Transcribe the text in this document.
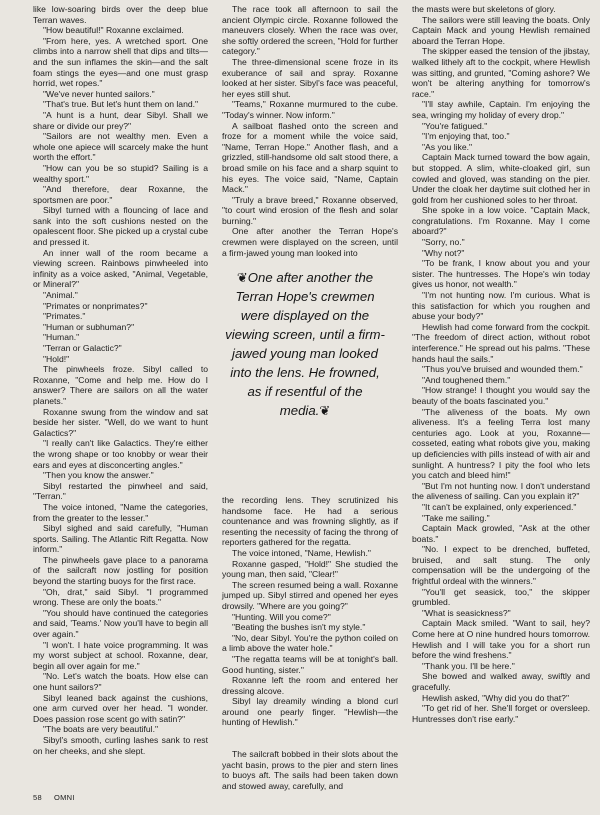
like low-soaring birds over the deep blue Terran waves.

"How beautiful!" Roxanne exclaimed.

"From here, yes. A wretched sport. One climbs into a narrow shell that dips and tilts—and the sun inflames the skin—and the salt foam stings the eyes—and one must grasp horrid, wet ropes."

"We've never hunted sailors."

"That's true. But let's hunt them on land."

"A hunt is a hunt, dear Sibyl. Shall we share or divide our prey?"

"Sailors are not wealthy men. Even a whole one apiece will scarcely make the hunt worth the effort."

"How can you be so stupid? Sailing is a wealthy sport."

"And therefore, dear Roxanne, the sportsmen are poor."

Sibyl turned with a flouncing of lace and sank into the soft cushions nested on the opalescent floor. She picked up a crystal cube and pressed it.

An inner wall of the room became a viewing screen. Rainbows pinwheeled into infinity as a voice asked, "Animal, Vegetable, or Mineral?"

"Animal."

"Primates or nonprimates?"

"Primates."

"Human or subhuman?"

"Human."

"Terran or Galactic?"

"Hold!"

The pinwheels froze. Sibyl called to Roxanne, "Come and help me. How do I answer? There are sailors on all the water planets."

Roxanne swung from the window and sat beside her sister. "Well, do we want to hunt Galactics?"

"I really can't like Galactics. They're either the wrong shape or too knobby or wear their ears and eyes at disconcerting angles."

"Then you know the answer."

Sibyl restarted the pinwheel and said, "Terran."

The voice intoned, "Name the categories, from the greater to the lesser."

Sibyl sighed and said carefully, "Human sports. Sailing. The Atlantic Rift Regatta. Now inform."

The pinwheels gave place to a panorama of the sailcraft now jostling for position beyond the starting buoys for the first race.

"Oh, drat," said Sibyl. "I programmed wrong. These are only the boats."

"You should have continued the categories and said, 'Teams.' Now you'll have to begin all over again."

"I won't. I hate voice programming. It was my worst subject at school. Roxanne, dear, begin all over again for me."

"No. Let's watch the boats. How else can one hunt sailors?"

Sibyl leaned back against the cushions, one arm curved over her head. "I wonder. Does passion rose scent go with satin?"

"The boats are very beautiful."

Sibyl's smooth, curling lashes sank to rest on her cheeks, and she slept.

The race took all afternoon to sail the ancient Olympic circle. Roxanne followed the maneuvers closely. When the race was over, she softly ordered the screen, "Hold for further category."

The three-dimensional scene froze in its exuberance of sail and spray. Roxanne looked at her sister. Sibyl's face was peaceful, her eyes still shut.

"Teams," Roxanne murmured to the cube. "Today's winner. Now inform."

A sailboat flashed onto the screen and froze for a moment while the voice said, "Name, Terran Hope." Another flash, and a grizzled, still-handsome old salt stood there, a broad smile on his face and a sharp squint to his eyes. The voice said, "Name, Captain Mack."

"Truly a brave breed," Roxanne observed, "to court wind erosion of the flesh and solar burning."

One after another the Terran Hope's crewmen were displayed on the screen, until a firm-jawed young man looked into

❦One after another the Terran Hope's crewmen were displayed on the viewing screen, until a firm-jawed young man looked into the lens. He frowned, as if resentful of the media.❦

the recording lens. They scrutinized his handsome face. He had a serious countenance and was frowning slightly, as if resenting the necessity of facing the throng of reporters gathered for the regatta.

The voice intoned, "Name, Hewlish."

Roxanne gasped, "Hold!" She studied the young man, then said, "Clear!"

The screen resumed being a wall. Roxanne jumped up. Sibyl stirred and opened her eyes drowsily. "Where are you going?"

"Hunting. Will you come?"

"Beating the bushes isn't my style."

"No, dear Sibyl. You're the python coiled on a limb above the water hole."

"The regatta teams will be at tonight's ball. Good hunting, sister."

Roxanne left the room and entered her dressing alcove.

Sibyl lay dreamily winding a blond curl around one pearly finger. "Hewlish—the hunting of Hewlish."

The sailcraft bobbed in their slots about the yacht basin, prows to the pier and stern lines to buoys aft. The sails had been taken down and stowed away, carefully, and

the masts were but skeletons of glory.

The sailors were still leaving the boats. Only Captain Mack and young Hewlish remained aboard the Terran Hope.

The skipper eased the tension of the jibstay, walked lithely aft to the cockpit, where Hewlish was sitting, and grunted, "Coming ashore? We won't be altering anything for tomorrow's race."

"I'll stay awhile, Captain. I'm enjoying the sea, wringing my holiday of every drop."

"You're fatigued."

"I'm enjoying that, too."

"As you like."

Captain Mack turned toward the bow again, but stopped. A slim, white-cloaked girl, sun cowled and gloved, was standing on the pier. Under the cloak her daytime suit clothed her in gold from her cushioned soles to her throat.

She spoke in a low voice. "Captain Mack, congratulations. I'm Roxanne. May I come aboard?"

"Sorry, no."

"Why not?"

"To be frank, I know about you and your sister. The huntresses. The Hope's win today gives us honor, not wealth."

"I'm not hunting now. I'm curious. What is this satisfaction for which you roughen and abuse your body?"

Hewlish had come forward from the cockpit. "The freedom of direct action, without robot interference." He spread out his palms. "These hands haul the sails."

"Thus you've bruised and wounded them."

"And toughened them."

"How strange! I thought you would say the beauty of the boats fascinated you."

"The aliveness of the boats. My own aliveness. It's a feeling Terra lost many centuries ago. Look at you, Roxanne—cosseted, eating what robots give you, making up deficiencies with pills instead of with air and sunlight. A huntress? I pity the fool who lets you catch and bleed him!"

"But I'm not hunting now. I don't understand the aliveness of sailing. Can you explain it?"

"It can't be explained, only experienced."

"Take me sailing."

Captain Mack growled, "Ask at the other boats."

"No. I expect to be drenched, buffeted, bruised, and salt stung. The only compensation will be the undergoing of the frightful ordeal with the winners."

"You'll get seasick, too," the skipper grumbled.

"What is seasickness?"

Captain Mack smiled. "Want to sail, hey? Come here at O nine hundred hours tomorrow. Hewlish and I will take you for a short run before the wind freshens."

"Thank you. I'll be here."

She bowed and walked away, swiftly and gracefully.

Hewlish asked, "Why did you do that?"

"To get rid of her. She'll forget or oversleep. Huntresses don't rise early."

58 OMNI
